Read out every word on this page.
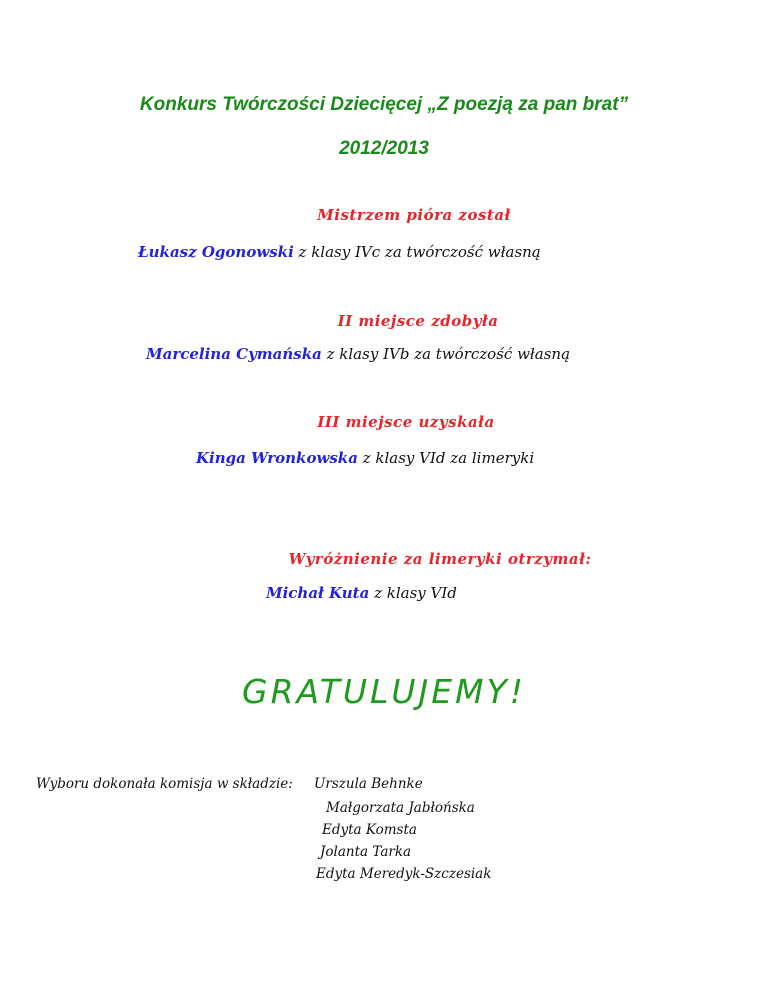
Konkurs Twórczości Dziecięcej „Z poezją za pan brat”
2012/2013
Mistrzem pióra został
Łukasz Ogonowski z klasy IVc za twórczość własną
II miejsce zdobyła
Marcelina Cymańska z klasy IVb za twórczość własną
III miejsce uzyskała
Kinga Wronkowska z klasy VId za limeryki
Wyróżnienie za limeryki otrzymał:
Michał Kuta z klasy VId
GRATULUJEMY!
Wyboru dokonała komisja w składzie: Urszula Behnke
Małgorzata Jabłońska
Edyta Komsta
Jolanta Tarka
Edyta Meredyk-Szczesiak
